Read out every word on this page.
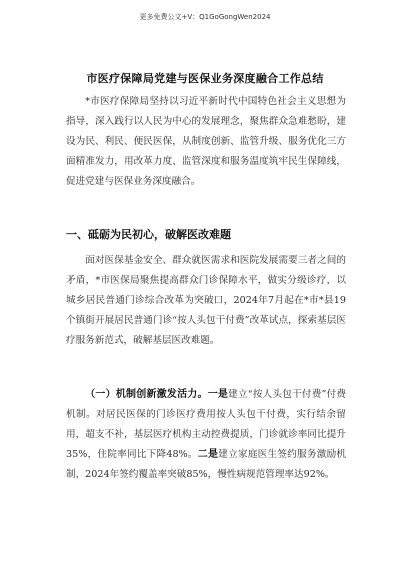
更多免费公文+V：Q1GoGongWen2024
市医疗保障局党建与医保业务深度融合工作总结

*市医疗保障局坚持以习近平新时代中国特色社会主义思想为指导，深入践行以人民为中心的发展理念，聚焦群众急难愁盼，建设为民、利民、便民医保，从制度创新、监管升级、服务优化三方面精准发力，用改革力度、监管深度和服务温度筑牢民生保障线，促进党建与医保业务深度融合。

一、砥砺为民初心，破解医改难题

面对医保基金安全、群众就医需求和医院发展需要三者之间的矛盾，*市医保局聚焦提高群众门诊保障水平，做实分级诊疗，以城乡居民普通门诊综合改革为突破口，2024年7月起在*市*县19个镇街开展居民普通门诊“按人头包干付费”改革试点，探索基层医疗服务新范式，破解基层医改难题。

（一）机制创新激发活力。一是建立“按人头包干付费”付费机制。对居民医保的门诊医疗费用按人头包干付费，实行结余留用，超支不补，基层医疗机构主动控费提质，门诊就诊率同比提升35%，住院率同比下降48%。二是建立家庭医生签约服务激励机制，2024年签约覆盖率突破85%，慢性病规范管理率达92%。
